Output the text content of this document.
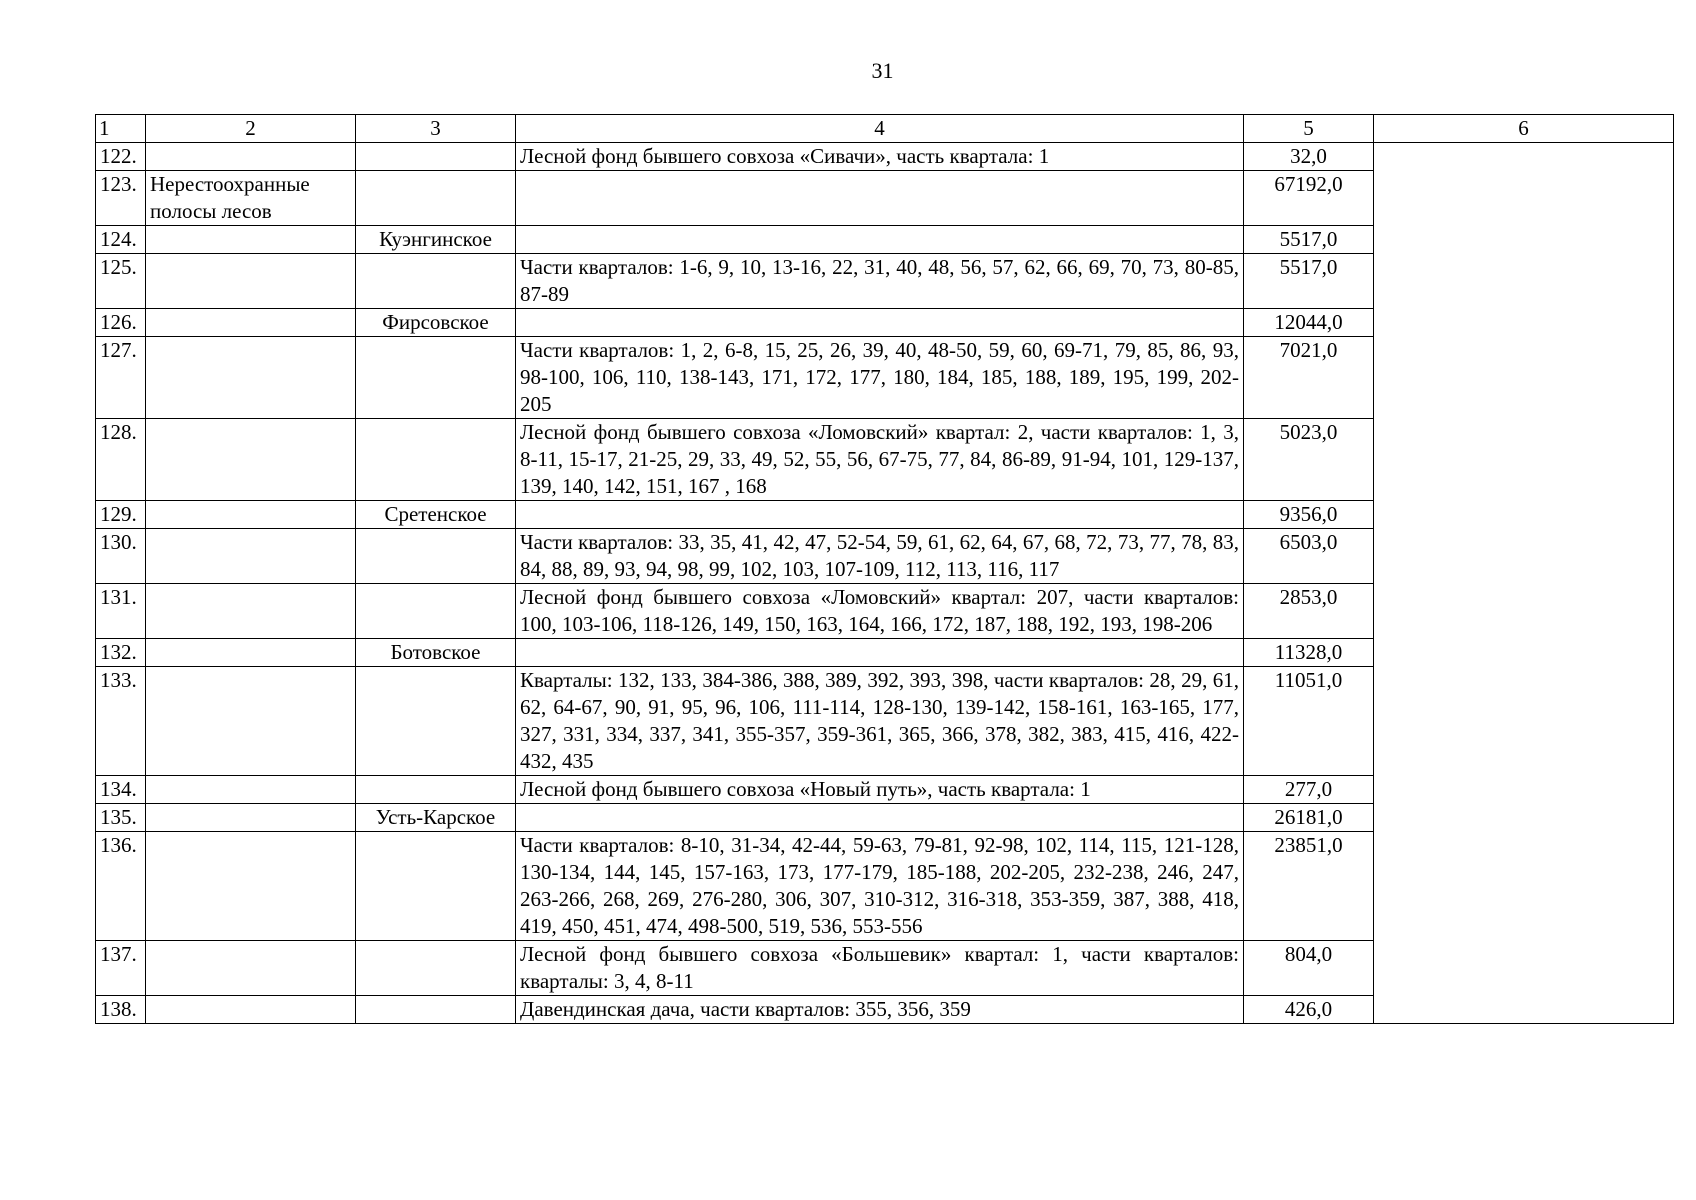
31
1	2	3	4	5	6
122.			Лесной фонд бывшего совхоза «Сивачи», часть квартала: 1	32,0	
123.	Нерестоохранные полосы лесов			67192,0	
124.		Куэнгинское		5517,0	
125.			Части кварталов: 1-6, 9, 10, 13-16, 22, 31, 40, 48, 56, 57, 62, 66, 69, 70, 73, 80-85, 87-89	5517,0	
126.		Фирсовское		12044,0	
127.			Части кварталов: 1, 2, 6-8, 15, 25, 26, 39, 40, 48-50, 59, 60, 69-71, 79, 85, 86, 93, 98-100, 106, 110, 138-143, 171, 172, 177, 180, 184, 185, 188, 189, 195, 199, 202-205	7021,0	
128.			Лесной фонд бывшего совхоза «Ломовский» квартал: 2, части кварталов: 1, 3, 8-11, 15-17, 21-25, 29, 33, 49, 52, 55, 56, 67-75, 77, 84, 86-89, 91-94, 101, 129-137, 139, 140, 142, 151, 167 , 168	5023,0	
129.		Сретенское		9356,0	
130.			Части кварталов: 33, 35, 41, 42, 47, 52-54, 59, 61, 62, 64, 67, 68, 72, 73, 77, 78, 83, 84, 88, 89, 93, 94, 98, 99, 102, 103, 107-109, 112, 113, 116, 117	6503,0	
131.			Лесной фонд бывшего совхоза «Ломовский» квартал: 207, части кварталов: 100, 103-106, 118-126, 149, 150, 163, 164, 166, 172, 187, 188, 192, 193, 198-206	2853,0	
132.		Ботовское		11328,0	
133.			Кварталы: 132, 133, 384-386, 388, 389, 392, 393, 398, части кварталов: 28, 29, 61, 62, 64-67, 90, 91, 95, 96, 106, 111-114, 128-130, 139-142, 158-161, 163-165, 177, 327, 331, 334, 337, 341, 355-357, 359-361, 365, 366, 378, 382, 383, 415, 416, 422-432, 435	11051,0	
134.			Лесной фонд бывшего совхоза «Новый путь», часть квартала: 1	277,0	
135.		Усть-Карское		26181,0	
136.			Части кварталов: 8-10, 31-34, 42-44, 59-63, 79-81, 92-98, 102, 114, 115, 121-128, 130-134, 144, 145, 157-163, 173, 177-179, 185-188, 202-205, 232-238, 246, 247, 263-266, 268, 269, 276-280, 306, 307, 310-312, 316-318, 353-359, 387, 388, 418, 419, 450, 451, 474, 498-500, 519, 536, 553-556	23851,0	
137.			Лесной фонд бывшего совхоза «Большевик» квартал: 1, части кварталов: кварталы: 3, 4, 8-11	804,0	
138.			Давендинская дача, части кварталов: 355, 356, 359	426,0	
